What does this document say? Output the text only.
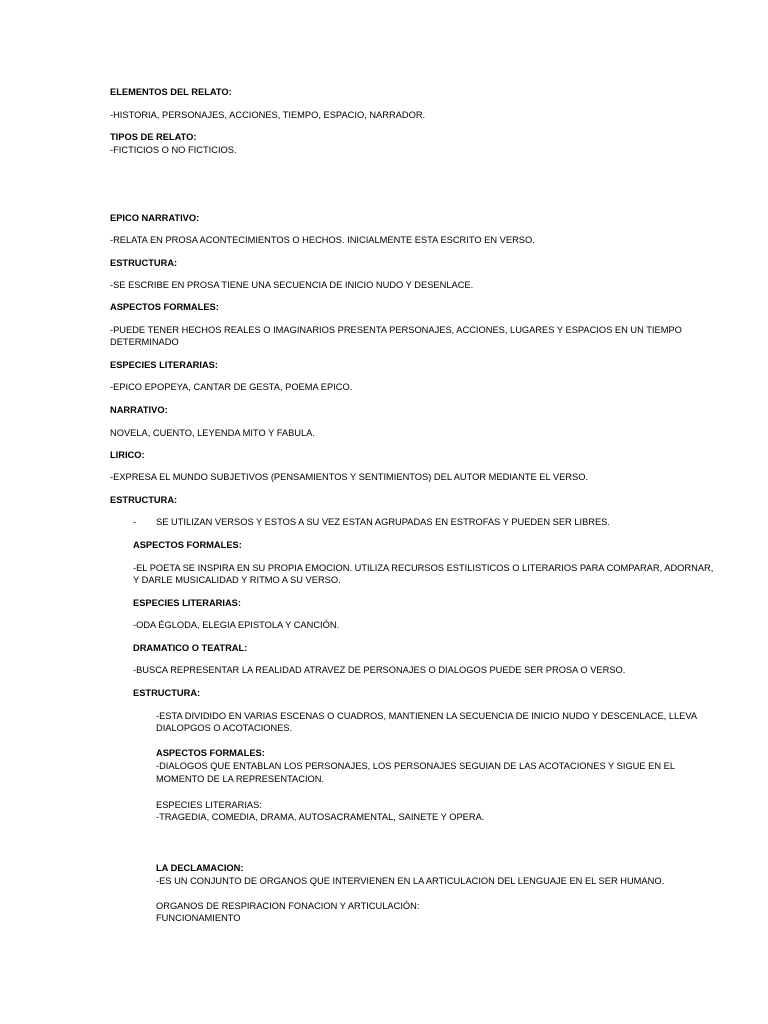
ELEMENTOS DEL RELATO:
-HISTORIA, PERSONAJES, ACCIONES, TIEMPO, ESPACIO, NARRADOR.
TIPOS DE RELATO:
-FICTICIOS O NO FICTICIOS.
EPICO NARRATIVO:
-RELATA EN PROSA ACONTECIMIENTOS O HECHOS. INICIALMENTE ESTA ESCRITO EN VERSO.
ESTRUCTURA:
-SE ESCRIBE EN PROSA TIENE UNA SECUENCIA DE INICIO NUDO Y DESENLACE.
ASPECTOS FORMALES:
-PUEDE TENER HECHOS REALES O IMAGINARIOS PRESENTA PERSONAJES, ACCIONES, LUGARES Y ESPACIOS EN UN TIEMPO
DETERMINADO
ESPECIES LITERARIAS:
-EPICO EPOPEYA, CANTAR DE GESTA, POEMA EPICO.
NARRATIVO:
NOVELA, CUENTO, LEYENDA MITO Y FABULA.
LIRICO:
-EXPRESA EL MUNDO SUBJETIVOS (PENSAMIENTOS Y SENTIMIENTOS) DEL AUTOR MEDIANTE EL VERSO.
ESTRUCTURA:
- SE UTILIZAN VERSOS Y ESTOS A SU VEZ ESTAN AGRUPADAS EN ESTROFAS Y PUEDEN SER LIBRES.
ASPECTOS FORMALES:
-EL POETA SE INSPIRA EN SU PROPIA EMOCION. UTILIZA RECURSOS ESTILISTICOS O LITERARIOS PARA COMPARAR, ADORNAR,
Y DARLE MUSICALIDAD Y RITMO A SU VERSO.
ESPECIES LITERARIAS:
-ODA ÉGLODA, ELEGIA EPISTOLA Y CANCIÓN.
DRAMATICO O TEATRAL:
-BUSCA REPRESENTAR LA REALIDAD ATRAVEZ DE PERSONAJES O DIALOGOS PUEDE SER PROSA O VERSO.
ESTRUCTURA:
-ESTA DIVIDIDO EN VARIAS ESCENAS O CUADROS, MANTIENEN LA SECUENCIA DE INICIO NUDO Y DESCENLACE, LLEVA
DIALOPGOS O ACOTACIONES.
ASPECTOS FORMALES:
-DIALOGOS QUE ENTABLAN LOS PERSONAJES, LOS PERSONAJES SEGUIAN DE LAS ACOTACIONES Y SIGUE EN EL
MOMENTO DE LA REPRESENTACION.
ESPECIES LITERARIAS:
-TRAGEDIA, COMEDIA, DRAMA, AUTOSACRAMENTAL, SAINETE Y OPERA.
LA DECLAMACION:
-ES UN CONJUNTO DE ORGANOS QUE INTERVIENEN EN LA ARTICULACION DEL LENGUAJE EN EL SER HUMANO.
ORGANOS DE RESPIRACION FONACION Y ARTICULACIÓN:
FUNCIONAMIENTO
